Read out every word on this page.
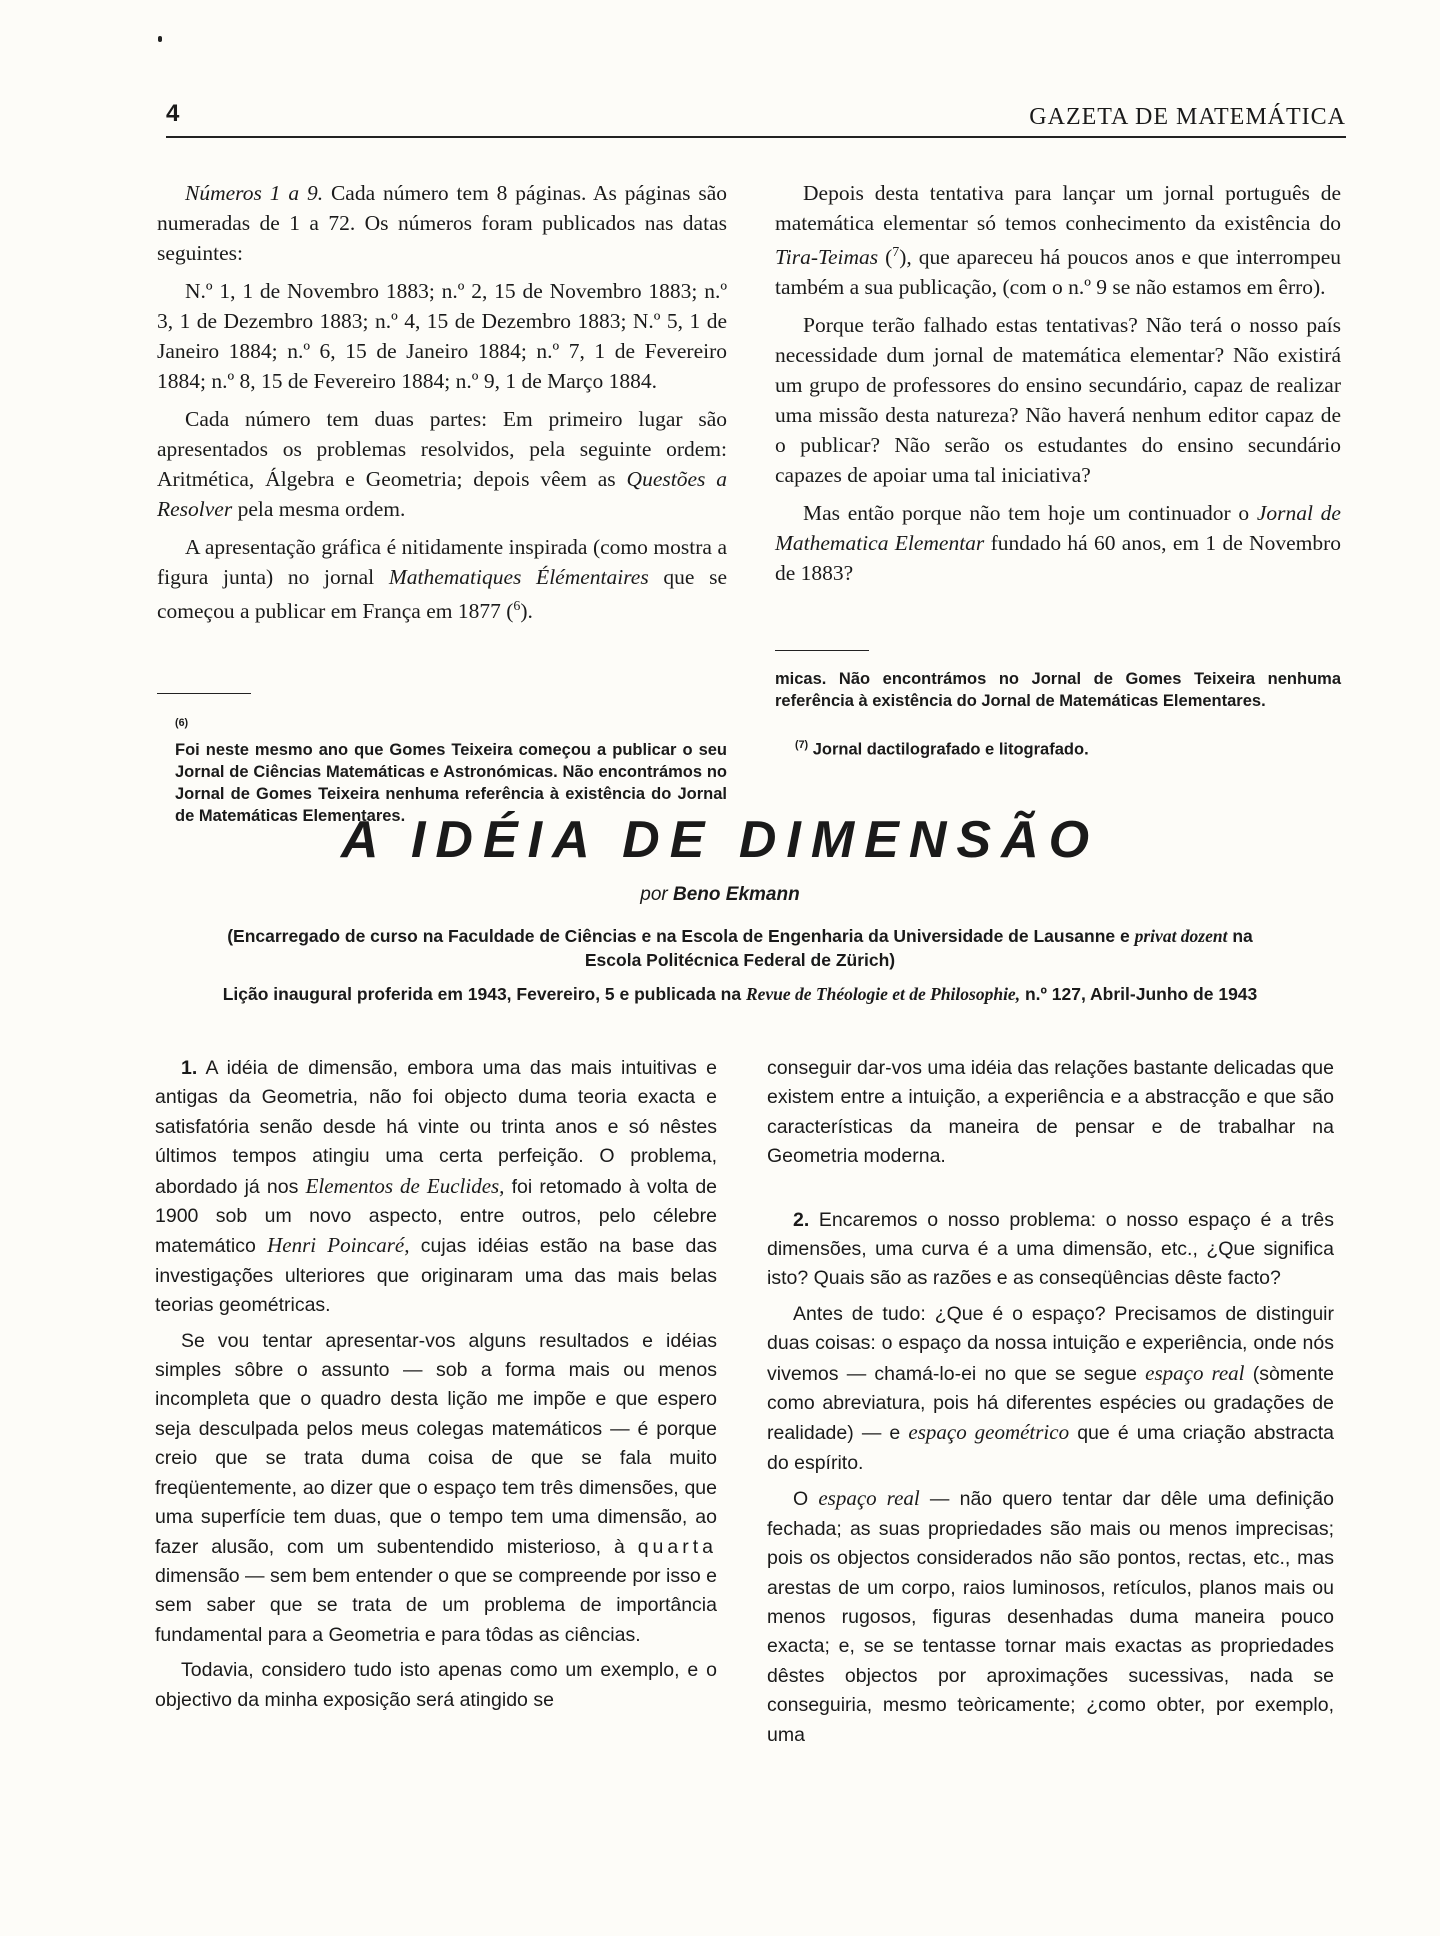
4	GAZETA DE MATEMÁTICA

Números 1 a 9. Cada número tem 8 páginas. As páginas são numeradas de 1 a 72. Os números foram publicados nas datas seguintes:

N.º 1, 1 de Novembro 1883; n.º 2, 15 de Novembro 1883; n.º 3, 1 de Dezembro 1883; n.º 4, 15 de Dezembro 1883; N.º 5, 1 de Janeiro 1884; n.º 6, 15 de Janeiro 1884; n.º 7, 1 de Fevereiro 1884; n.º 8, 15 de Fevereiro 1884; n.º 9, 1 de Março 1884.

Cada número tem duas partes: Em primeiro lugar são apresentados os problemas resolvidos, pela seguinte ordem: Aritmética, Álgebra e Geometria; depois vêem as Questões a Resolver pela mesma ordem.

A apresentação gráfica é nitidamente inspirada (como mostra a figura junta) no jornal Mathematiques Élémentaires que se começou a publicar em França em 1877 ($^6$).

Depois desta tentativa para lançar um jornal português de matemática elementar só temos conhecimento da existência do Tira-Teimas ($^7$), que apareceu há poucos anos e que interrompeu também a sua publicação, (com o n.º 9 se não estamos em êrro).

Porque terão falhado estas tentativas? Não terá o nosso país necessidade dum jornal de matemática elementar? Não existirá um grupo de professores do ensino secundário, capaz de realizar uma missão desta natureza? Não haverá nenhum editor capaz de o publicar? Não serão os estudantes do ensino secundário capazes de apoiar uma tal iniciativa?

Mas então porque não tem hoje um continuador o Jornal de Mathematica Elementar fundado há 60 anos, em 1 de Novembro de 1883?

$^{(6)}$Foi neste mesmo ano que Gomes Teixeira começou a publicar o seu Jornal de Ciências Matemáticas e Astronómicas. Não encontrámos no Jornal de Gomes Teixeira nenhuma referência à existência do Jornal de Matemáticas Elementares.

micas. Não encontrámos no Jornal de Gomes Teixeira nenhuma referência à existência do Jornal de Matemáticas Elementares.

$^{(7)}$ Jornal dactilografado e litografado.

A IDÉIA DE DIMENSÃO
por Beno Ekmann
(Encarregado de curso na Faculdade de Ciências e na Escola de Engenharia da Universidade de Lausanne e privat dozent na Escola Politécnica Federal de Zürich)
Lição inaugural proferida em 1943, Fevereiro, 5 e publicada na Revue de Théologie et de Philosophie, n.º 127, Abril-Junho de 1943

1. A idéia de dimensão, embora uma das mais intuitivas e antigas da Geometria, não foi objecto duma teoria exacta e satisfatória senão desde há vinte ou trinta anos e só nêstes últimos tempos atingiu uma certa perfeição. O problema, abordado já nos Elementos de Euclides, foi retomado à volta de 1900 sob um novo aspecto, entre outros, pelo célebre matemático Henri Poincaré, cujas idéias estão na base das investigações ulteriores que originaram uma das mais belas teorias geométricas.

Se vou tentar apresentar-vos alguns resultados e idéias simples sôbre o assunto — sob a forma mais ou menos incompleta que o quadro desta lição me impõe e que espero seja desculpada pelos meus colegas matemáticos — é porque creio que se trata duma coisa de que se fala muito freqüentemente, ao dizer que o espaço tem três dimensões, que uma superfície tem duas, que o tempo tem uma dimensão, ao fazer alusão, com um subentendido misterioso, à quarta dimensão — sem bem entender o que se compreende por isso e sem saber que se trata de um problema de importância fundamental para a Geometria e para tôdas as ciências.

Todavia, considero tudo isto apenas como um exemplo, e o objectivo da minha exposição será atingido se

conseguir dar-vos uma idéia das relações bastante delicadas que existem entre a intuição, a experiência e a abstracção e que são características da maneira de pensar e de trabalhar na Geometria moderna.

2. Encaremos o nosso problema: o nosso espaço é a três dimensões, uma curva é a uma dimensão, etc., ¿Que significa isto? Quais são as razões e as conseqüências dêste facto?

Antes de tudo: ¿Que é o espaço? Precisamos de distinguir duas coisas: o espaço da nossa intuição e experiência, onde nós vivemos — chamá-lo-ei no que se segue espaço real (sòmente como abreviatura, pois há diferentes espécies ou gradações de realidade) — e espaço geométrico que é uma criação abstracta do espírito.

O espaço real — não quero tentar dar dêle uma definição fechada; as suas propriedades são mais ou menos imprecisas; pois os objectos considerados não são pontos, rectas, etc., mas arestas de um corpo, raios luminosos, retículos, planos mais ou menos rugosos, figuras desenhadas duma maneira pouco exacta; e, se se tentasse tornar mais exactas as propriedades dêstes objectos por aproximações sucessivas, nada se conseguiria, mesmo teòricamente; ¿como obter, por exemplo, uma
